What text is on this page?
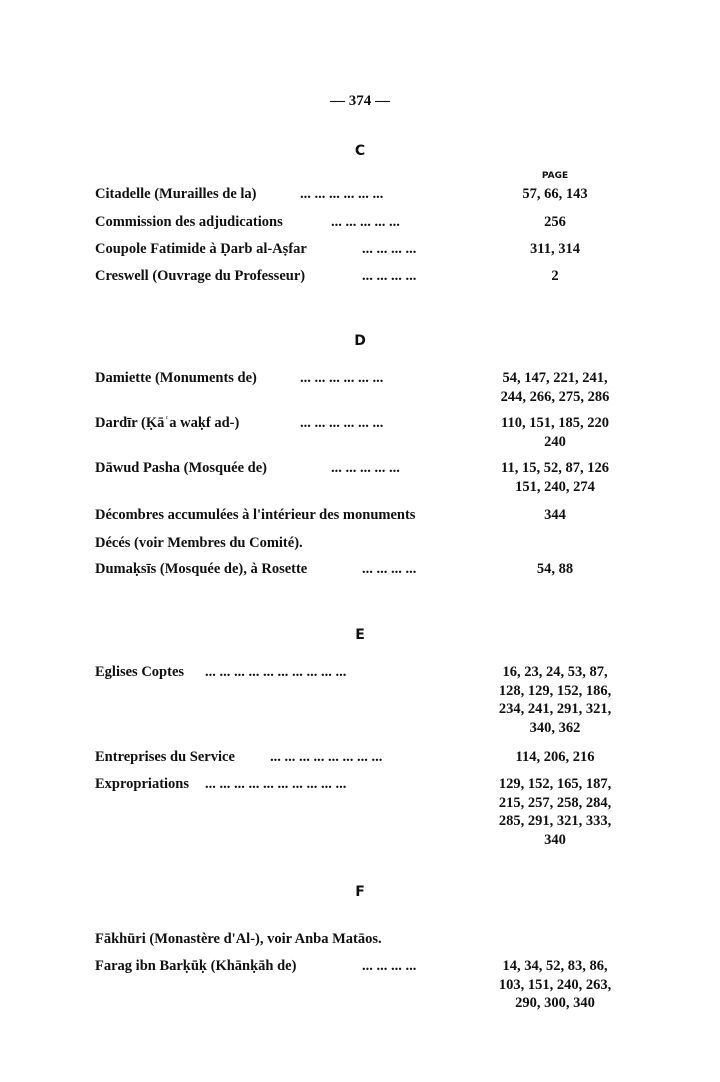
— 374 —
PAGE
C
Citadelle (Murailles de la)	... ... ... ... ... ...	57, 66, 143
Commission des adjudications	... ... ... ... ...	256
Coupole Fatimide à Ḍarb al-Aṣfar	... ... ... ...	311, 314
Creswell (Ouvrage du Professeur)	... ... ... ...	2
D
Damiette (Monuments de)	... ... ... ... ... ...	54, 147, 221, 241,
244, 266, 275, 286
Dardīr (Ḳāʿa waḳf ad-)	... ... ... ... ... ...	110, 151, 185, 220
240
Dāwud Pasha (Mosquée de)	... ... ... ... ...	11, 15, 52, 87, 126
151, 240, 274
Décombres accumulées à l'intérieur des monuments	344
Décés (voir Membres du Comité).
Dumaḳsīs (Mosquée de), à Rosette	... ... ... ...	54, 88
E
Eglises Coptes ... ... ... ... ... ... ... ... ... ...	16, 23, 24, 53, 87,
128, 129, 152, 186,
234, 241, 291, 321,
340, 362
Entreprises du Service ... ... ... ... ... ... ... ...	114, 206, 216
Expropriations ... ... ... ... ... ... ... ... ... ...	129, 152, 165, 187,
215, 257, 258, 284,
285, 291, 321, 333,
340
F
Fākhūri (Monastère d'Al-), voir Anba Matāos.
Farag ibn Barḳūḳ (Khānḳāh de)	... ... ... ...	14, 34, 52, 83, 86,
103, 151, 240, 263,
290, 300, 340
